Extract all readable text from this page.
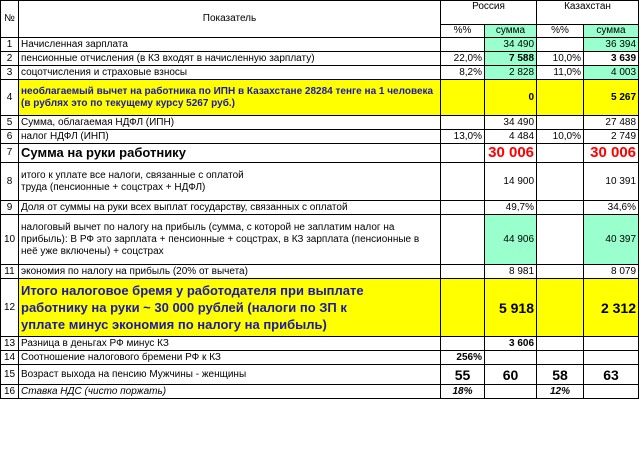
№	Показатель	Россия		Казахстан	
		%%	сумма	%%	сумма
1	Начисленная зарплата		34 490		36 394
2	пенсионные отчисления (в КЗ входят в начисленную зарплату)	22,0%	7 588	10,0%	3 639
3	соцотчисления и страховые взносы	8,2%	2 828	11,0%	4 003
4	необлагаемый вычет на работника по ИПН в Казахстане 28284 тенге на 1 человека (в рублях это по текущему курсу 5267 руб.)		0		5 267
5	Сумма, облагаемая НДФЛ (ИПН)		34 490		27 488
6	налог НДФЛ (ИНП)	13,0%	4 484	10,0%	2 749
7	Сумма на руки работнику		30 006		30 006
8	итого к уплате все налоги, связанные с оплатой труда (пенсионные + соцстрах + НДФЛ)		14 900		10 391
9	Доля от суммы на руки всех выплат государству, связанных с оплатой		49,7%		34,6%
10	налоговый вычет по налогу на прибыль (сумма, с которой не заплатим налог на прибыль): В РФ это зарплата + пенсионные + соцстрах, в КЗ зарплата (пенсионные в неё уже включены) + соцстрах		44 906		40 397
11	экономия по налогу на прибыль (20% от вычета)		8 981		8 079
12	Итого налоговое бремя у работодателя при выплате работнику на руки ~ 30 000 рублей (налоги по ЗП к уплате минус экономия по налогу на прибыль)		5 918		2 312
13	Разница в деньгах РФ минус КЗ		3 606		
14	Соотношение налогового бремени РФ к КЗ	256%			
15	Возраст выхода на пенсию Мужчины - женщины	55	60	58	63
16	Ставка НДС (чисто поржать)	18%		12%	
